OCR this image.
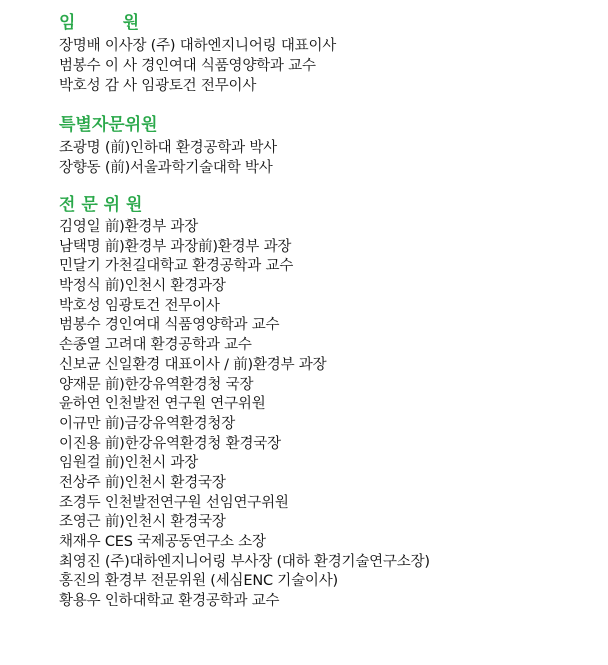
임        원
장명배 이사장 (주) 대하엔지니어링 대표이사
범봉수 이 사 경인여대 식품영양학과 교수
박호성 감 사 임광토건 전무이사
특별자문위원
조광명 (前)인하대 환경공학과 박사
장향동 (前)서울과학기술대학 박사
전 문 위 원
김영일 前)환경부 과장
남택명 前)환경부 과장前)환경부 과장
민달기 가천길대학교 환경공학과 교수
박정식 前)인천시 환경과장
박호성 임광토건 전무이사
범봉수 경인여대 식품영양학과 교수
손종열 고려대 환경공학과 교수
신보균 신일환경 대표이사 / 前)환경부 과장
양재문 前)한강유역환경청 국장
윤하연 인천발전 연구원 연구위원
이규만 前)금강유역환경청장
이진용 前)한강유역환경청 환경국장
임원걸 前)인천시 과장
전상주 前)인천시 환경국장
조경두 인천발전연구원 선임연구위원
조영근 前)인천시 환경국장
채재우 CES 국제공동연구소 소장
최영진 (주)대하엔지니어링 부사장 (대하 환경기술연구소장)
홍진의 환경부 전문위원 (세심ENC 기술이사)
황용우 인하대학교 환경공학과 교수
